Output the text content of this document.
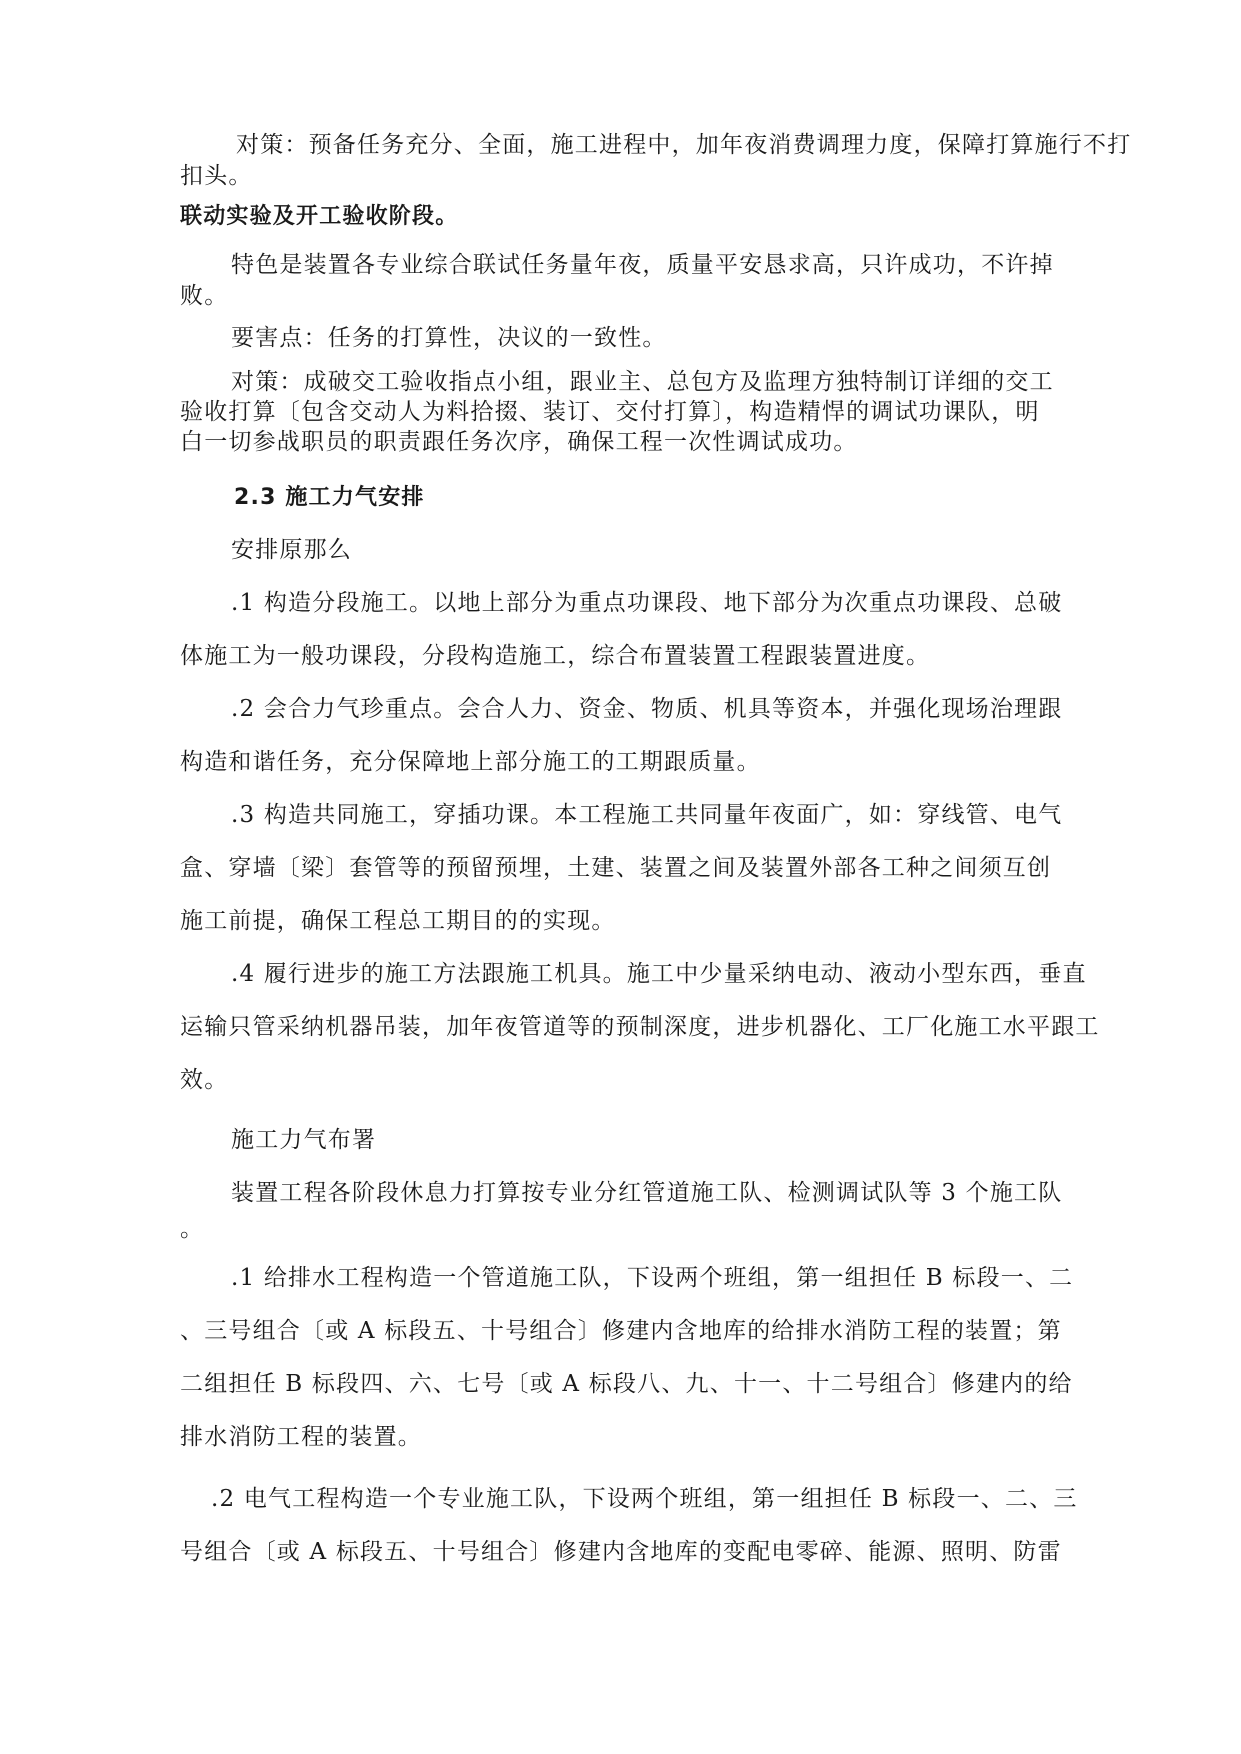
对策：预备任务充分、全面，施工进程中，加年夜消费调理力度，保障打算施行不打
扣头。
联动实验及开工验收阶段。
特色是装置各专业综合联试任务量年夜，质量平安恳求高，只许成功，不许掉
败。
要害点：任务的打算性，决议的一致性。
对策：成破交工验收指点小组，跟业主、总包方及监理方独特制订详细的交工
验收打算〔包含交动人为料拾掇、装订、交付打算〕，构造精悍的调试功课队，明
白一切参战职员的职责跟任务次序，确保工程一次性调试成功。
2.3 施工力气安排
安排原那么
.1 构造分段施工。以地上部分为重点功课段、地下部分为次重点功课段、总破
体施工为一般功课段，分段构造施工，综合布置装置工程跟装置进度。
.2 会合力气珍重点。会合人力、资金、物质、机具等资本，并强化现场治理跟
构造和谐任务，充分保障地上部分施工的工期跟质量。
.3 构造共同施工，穿插功课。本工程施工共同量年夜面广，如：穿线管、电气
盒、穿墙〔梁〕套管等的预留预埋，土建、装置之间及装置外部各工种之间须互创
施工前提，确保工程总工期目的的实现。
.4 履行进步的施工方法跟施工机具。施工中少量采纳电动、液动小型东西，垂直
运输只管采纳机器吊装，加年夜管道等的预制深度，进步机器化、工厂化施工水平跟工
效。
施工力气布署
装置工程各阶段休息力打算按专业分红管道施工队、检测调试队等 3 个施工队
。
.1 给排水工程构造一个管道施工队，下设两个班组，第一组担任 B 标段一、二
、三号组合〔或 A 标段五、十号组合〕修建内含地库的给排水消防工程的装置；第
二组担任 B 标段四、六、七号〔或 A 标段八、九、十一、十二号组合〕修建内的给
排水消防工程的装置。
.2 电气工程构造一个专业施工队，下设两个班组，第一组担任 B 标段一、二、三
号组合〔或 A 标段五、十号组合〕修建内含地库的变配电零碎、能源、照明、防雷
